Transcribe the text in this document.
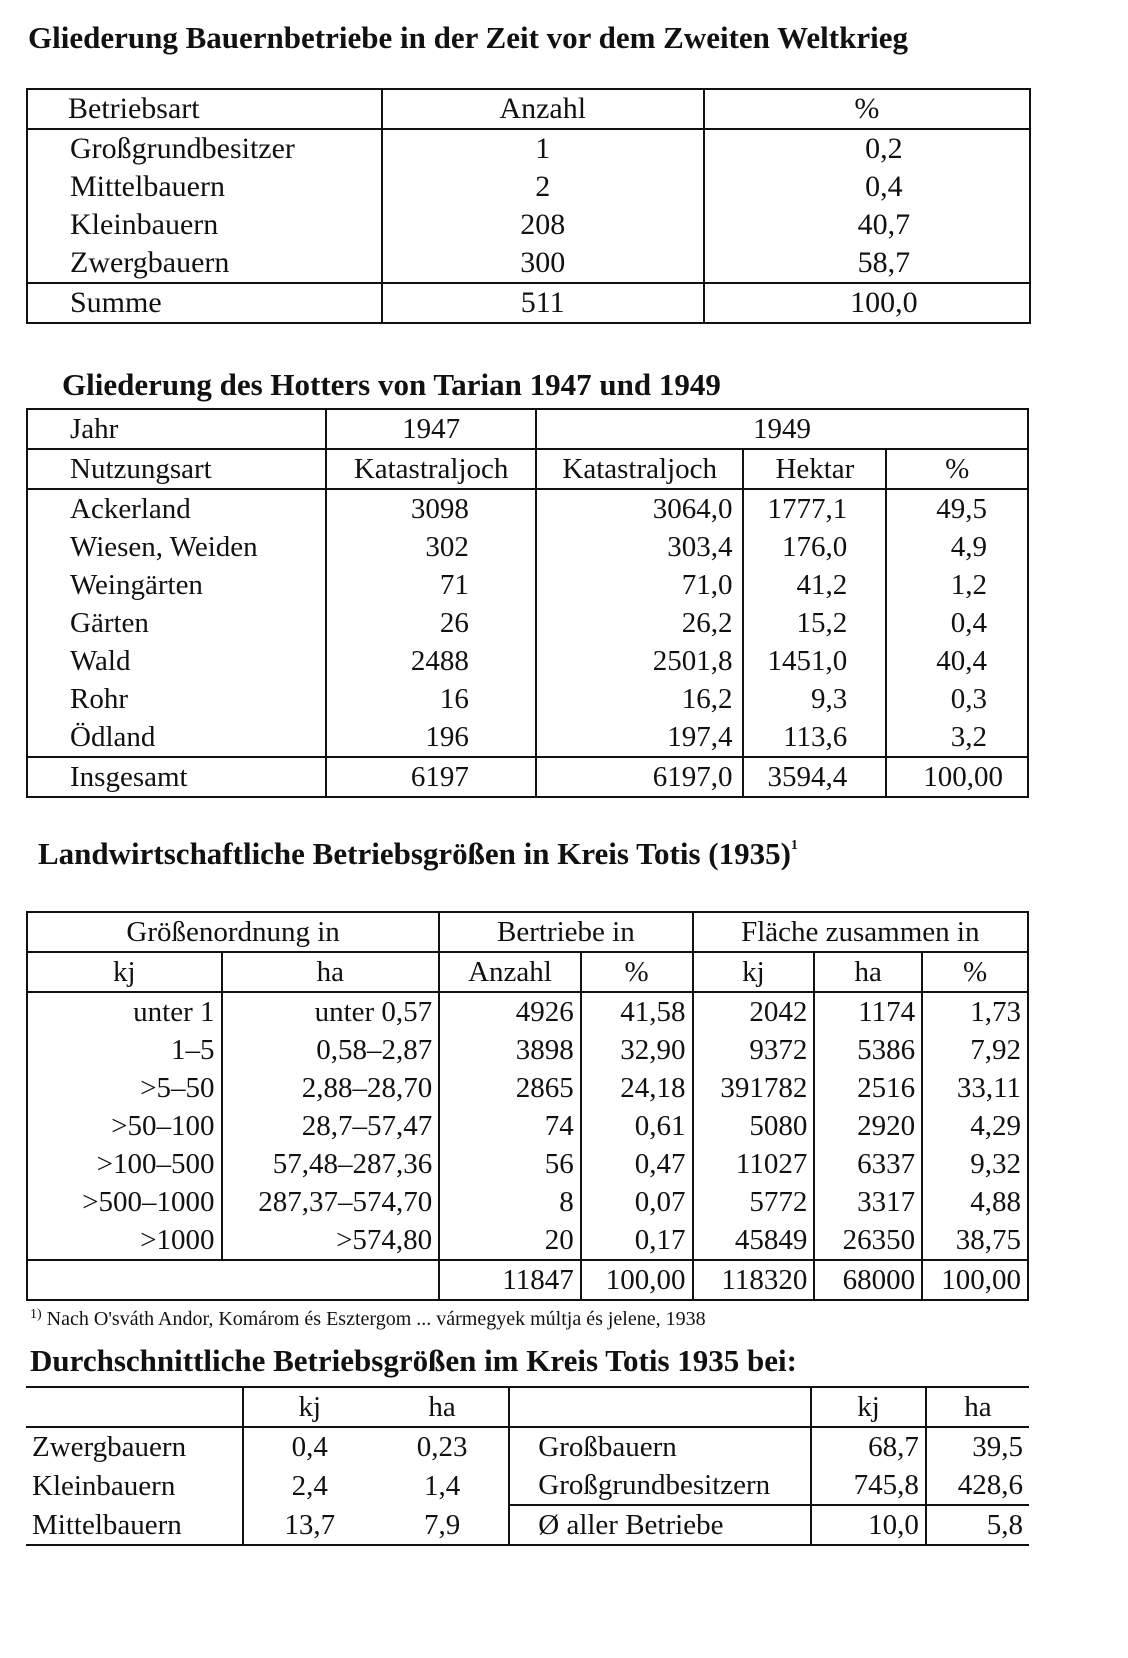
Gliederung Bauernbetriebe in der Zeit vor dem Zweiten Weltkrieg
Betriebsart	Anzahl	%
Großgrundbesitzer	1	0,2
Mittelbauern	2	0,4
Kleinbauern	208	40,7
Zwergbauern	300	58,7
Summe	511	100,0
Gliederung des Hotters von Tarian 1947 und 1949
Jahr	1947	1949		
Nutzungsart	Katastraljoch	Katastraljoch	Hektar	%
Ackerland	3098	3064,0	1777,1	49,5
Wiesen, Weiden	302	303,4	176,0	4,9
Weingärten	71	71,0	41,2	1,2
Gärten	26	26,2	15,2	0,4
Wald	2488	2501,8	1451,0	40,4
Rohr	16	16,2	9,3	0,3
Ödland	196	197,4	113,6	3,2
Insgesamt	6197	6197,0	3594,4	100,00
Landwirtschaftliche Betriebsgrößen in Kreis Totis $(1935)^1$
Größenordnung in		Bertriebe in		Fläche zusammen in		
kj	ha	Anzahl	%	kj	ha	%
unter 1	unter 0,57	4926	41,58	2042	1174	1,73
1–5	0,58–2,87	3898	32,90	9372	5386	7,92
>5–50	2,88–28,70	2865	24,18	391782	2516	33,11
>50–100	28,7–57,47	74	0,61	5080	2920	4,29
>100–500	57,48–287,36	56	0,47	11027	6337	9,32
>500–1000	287,37–574,70	8	0,07	5772	3317	4,88
>1000	>574,80	20	0,17	45849	26350	38,75
		11847	100,00	118320	68000	100,00
$^{1)}$ Nach O'sváth Andor, Komárom és Esztergom ... vármegyek múltja és jelene, 1938
Durchschnittliche Betriebsgrößen im Kreis Totis 1935 bei:
	kj	ha		kj	ha
Zwergbauern	0,4	0,23	Großbauern	68,7	39,5
Kleinbauern	2,4	1,4	Großgrundbesitzern	745,8	428,6
Mittelbauern	13,7	7,9	Ø aller Betriebe	10,0	5,8
